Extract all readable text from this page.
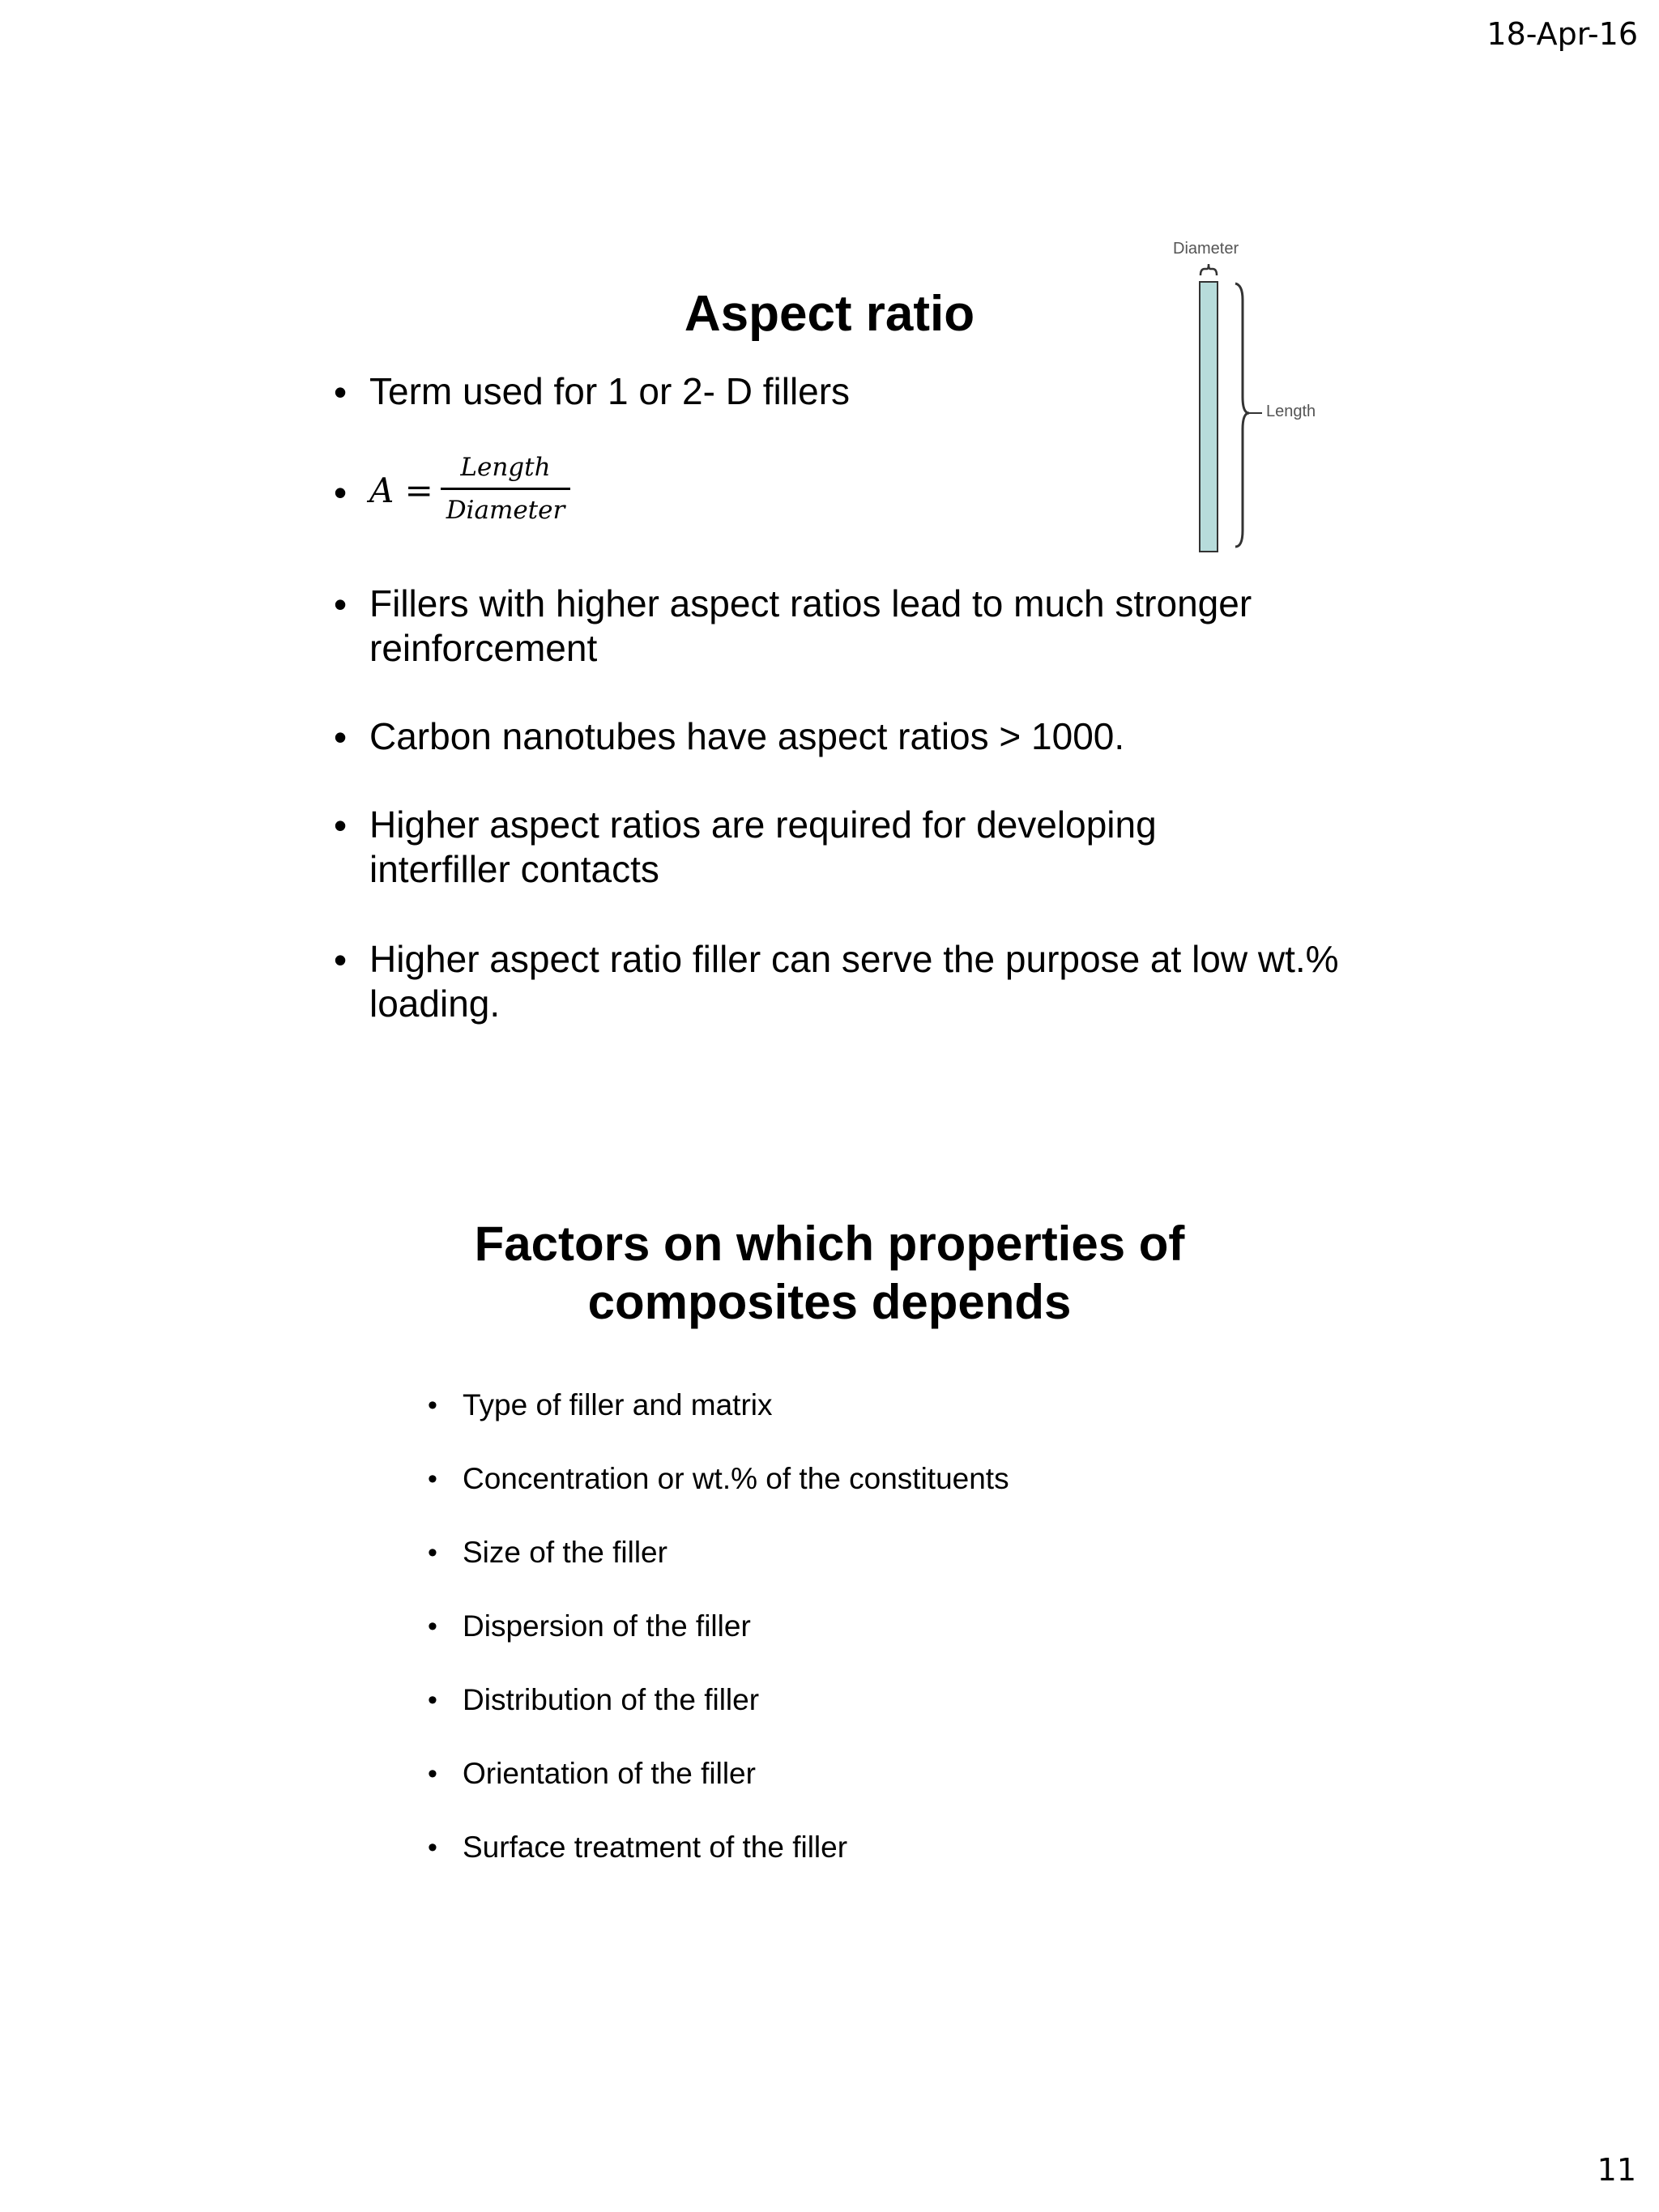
18-Apr-16
Aspect ratio
• Term used for 1 or 2- D fillers
• A =
Length
Diameter
• Fillers with higher aspect ratios lead to much stronger reinforcement
• Carbon nanotubes have aspect ratios > 1000.
• Higher aspect ratios are required for developing interfiller contacts
• Higher aspect ratio filler can serve the purpose at low wt.% loading.
Diameter
Length
Factors on which properties of
composites depends
• Type of filler and matrix
• Concentration or wt.% of the constituents
• Size of the filler
• Dispersion of the filler
• Distribution of the filler
• Orientation of the filler
• Surface treatment of the filler
11
